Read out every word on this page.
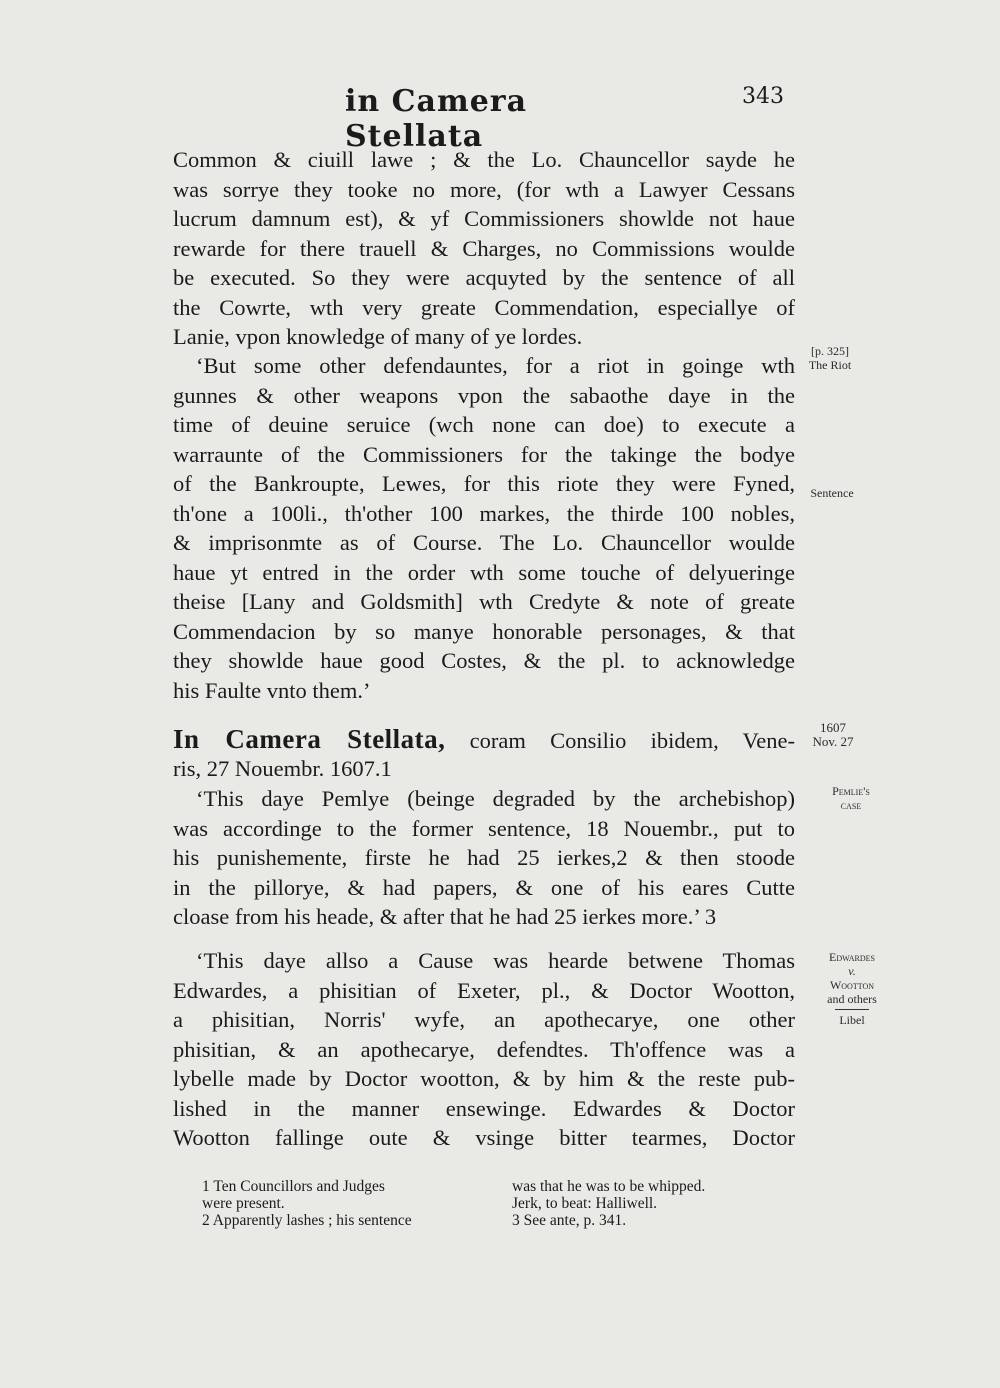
in Camera Stellata
343
Common & ciuill lawe ; & the Lo. Chauncellor sayde he
was sorrye they tooke no more, (for wth a Lawyer Cessans
lucrum damnum est), & yf Commissioners showlde not haue
rewarde for there trauell & Charges, no Commissions woulde
be executed. So they were acquyted by the sentence of all
the Cowrte, wth very greate Commendation, especiallye of
Lanie, vpon knowledge of many of ye lordes.
‘But some other defendauntes, for a riot in goinge wth
gunnes & other weapons vpon the sabaothe daye in the
time of deuine seruice (wch none can doe) to execute a
warraunte of the Commissioners for the takinge the bodye
of the Bankroupte, Lewes, for this riote they were Fyned,
th'one a 100li., th'other 100 markes, the thirde 100 nobles,
& imprisonmte as of Course. The Lo. Chauncellor woulde
haue yt entred in the order wth some touche of delyueringe
theise [Lany and Goldsmith] wth Credyte & note of greate
Commendacion by so manye honorable personages, & that
they showlde haue good Costes, & the pl. to acknowledge
his Faulte vnto them.’
In Camera Stellata, coram Consilio ibidem, Vene-
ris, 27 Nouembr. 1607.1
‘This daye Pemlye (beinge degraded by the archebishop)
was accordinge to the former sentence, 18 Nouembr., put to
his punishemente, firste he had 25 ierkes,2 & then stoode
in the pillorye, & had papers, & one of his eares Cutte
cloase from his heade, & after that he had 25 ierkes more.’ 3
‘This daye allso a Cause was hearde betwene Thomas
Edwardes, a phisitian of Exeter, pl., & Doctor Wootton,
a phisitian, Norris' wyfe, an apothecarye, one other
phisitian, & an apothecarye, defendtes. Th'offence was a
lybelle made by Doctor wootton, & by him & the reste pub-
lished in the manner ensewinge. Edwardes & Doctor
Wootton fallinge oute & vsinge bitter tearmes, Doctor
[p. 325]
The Riot
Sentence
1607
Nov. 27
Pemlie's
case
Edwardes
v.
Wootton
and others
Libel
1 Ten Councillors and Judges
were present.
2 Apparently lashes ; his sentence
was that he was to be whipped.
Jerk, to beat: Halliwell.
3 See ante, p. 341.
